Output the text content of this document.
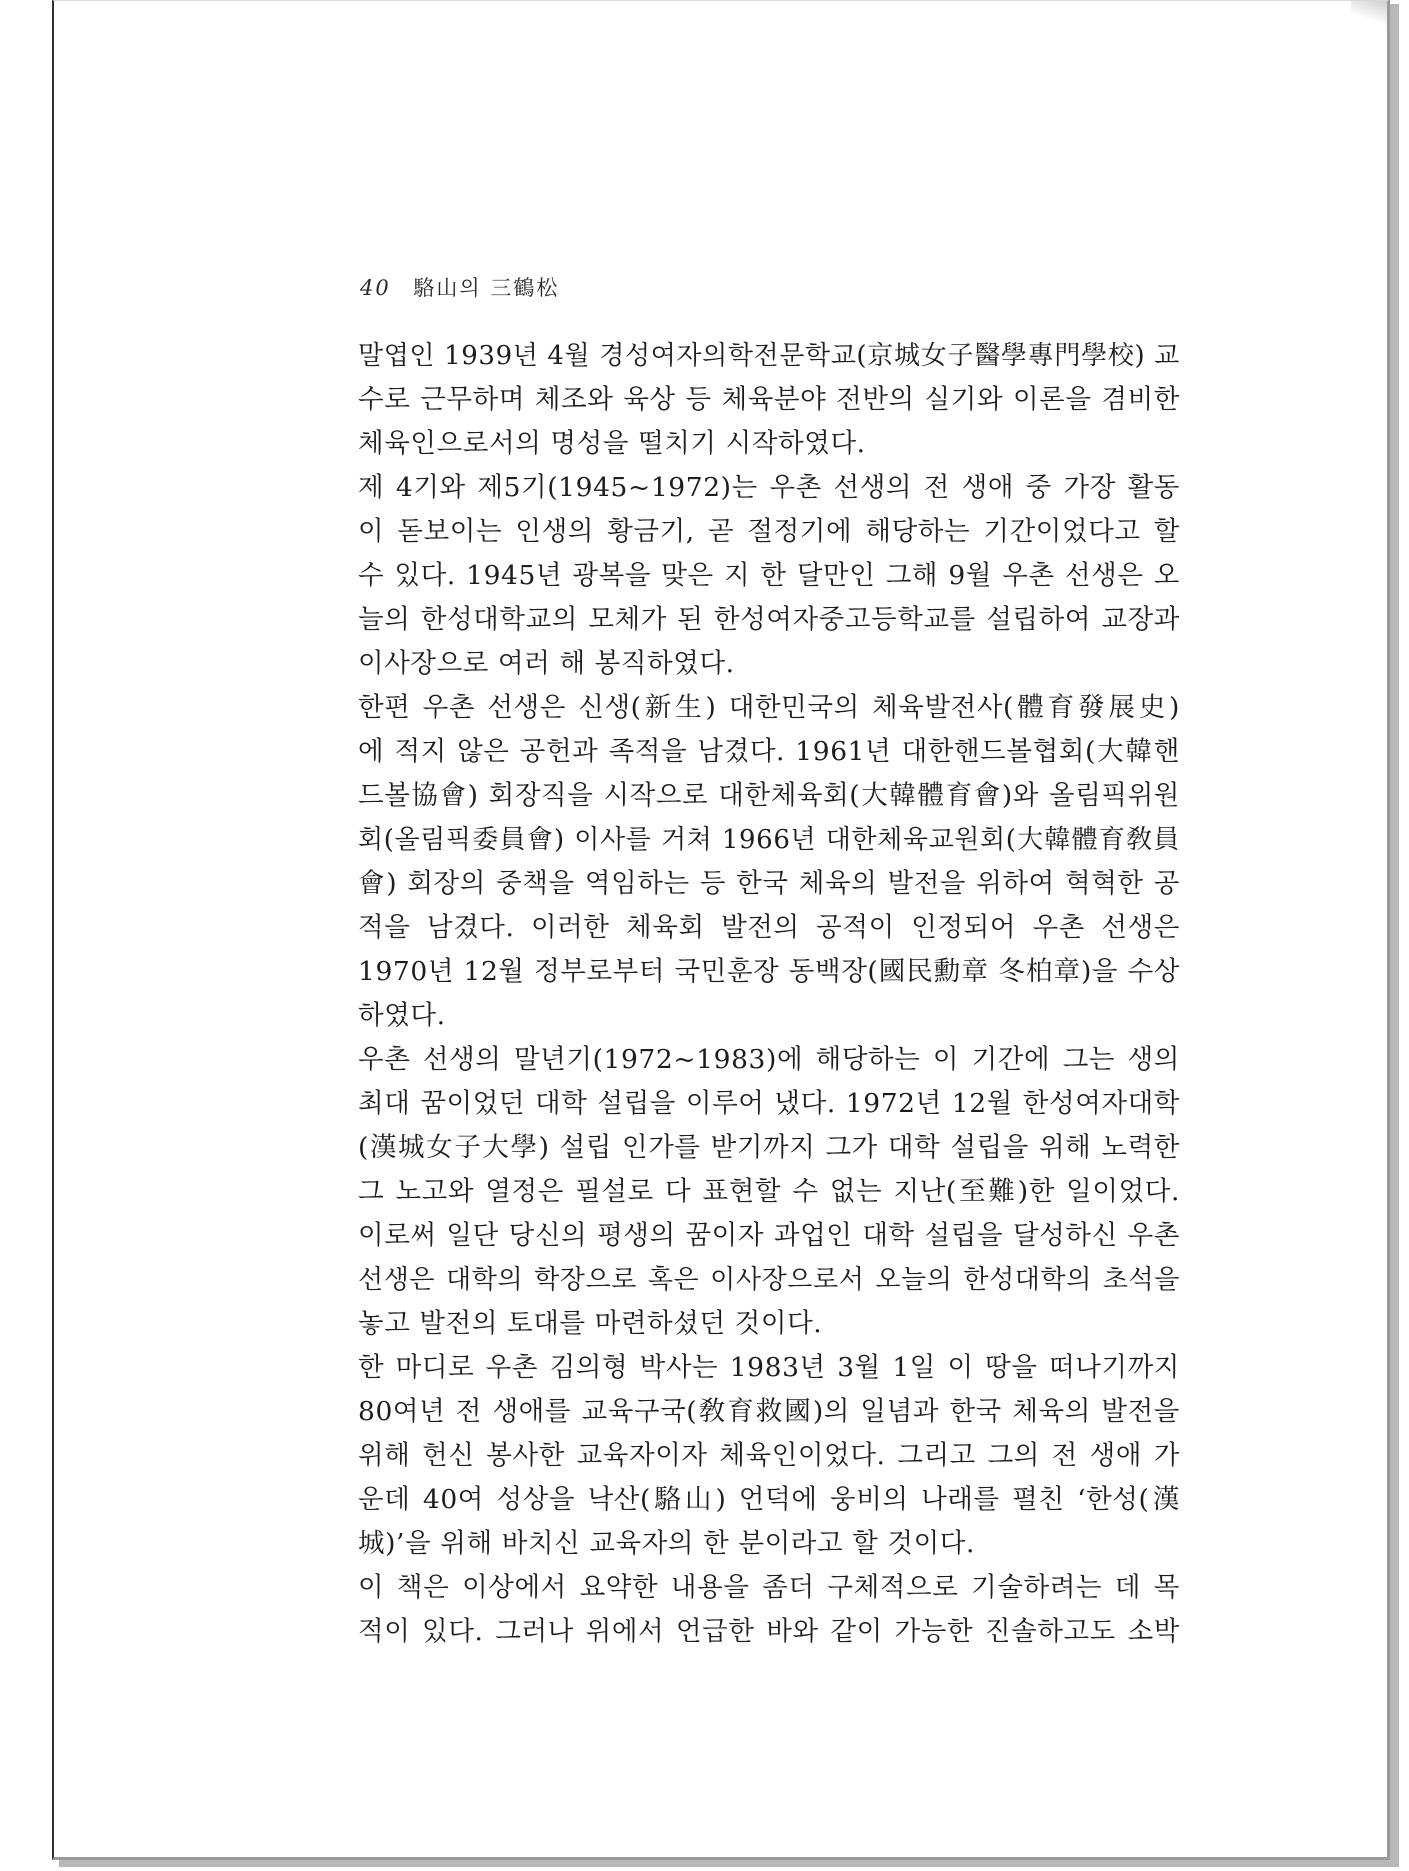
40 駱山의 三鶴松
말엽인 1939년 4월 경성여자의학전문학교(京城女子醫學專門學校) 교
수로 근무하며 체조와 육상 등 체육분야 전반의 실기와 이론을 겸비한
체육인으로서의 명성을 떨치기 시작하였다.
제 4기와 제5기(1945~1972)는 우촌 선생의 전 생애 중 가장 활동
이 돋보이는 인생의 황금기, 곧 절정기에 해당하는 기간이었다고 할
수 있다. 1945년 광복을 맞은 지 한 달만인 그해 9월 우촌 선생은 오
늘의 한성대학교의 모체가 된 한성여자중고등학교를 설립하여 교장과
이사장으로 여러 해 봉직하였다.
한편 우촌 선생은 신생(新生) 대한민국의 체육발전사(體育發展史)
에 적지 않은 공헌과 족적을 남겼다. 1961년 대한핸드볼협회(大韓핸
드볼協會) 회장직을 시작으로 대한체육회(大韓體育會)와 올림픽위원
회(올림픽委員會) 이사를 거쳐 1966년 대한체육교원회(大韓體育敎員
會) 회장의 중책을 역임하는 등 한국 체육의 발전을 위하여 혁혁한 공
적을 남겼다. 이러한 체육회 발전의 공적이 인정되어 우촌 선생은
1970년 12월 정부로부터 국민훈장 동백장(國民勳章 冬柏章)을 수상
하였다.
우촌 선생의 말년기(1972~1983)에 해당하는 이 기간에 그는 생의
최대 꿈이었던 대학 설립을 이루어 냈다. 1972년 12월 한성여자대학
(漢城女子大學) 설립 인가를 받기까지 그가 대학 설립을 위해 노력한
그 노고와 열정은 필설로 다 표현할 수 없는 지난(至難)한 일이었다.
이로써 일단 당신의 평생의 꿈이자 과업인 대학 설립을 달성하신 우촌
선생은 대학의 학장으로 혹은 이사장으로서 오늘의 한성대학의 초석을
놓고 발전의 토대를 마련하셨던 것이다.
한 마디로 우촌 김의형 박사는 1983년 3월 1일 이 땅을 떠나기까지
80여년 전 생애를 교육구국(敎育救國)의 일념과 한국 체육의 발전을
위해 헌신 봉사한 교육자이자 체육인이었다. 그리고 그의 전 생애 가
운데 40여 성상을 낙산(駱山) 언덕에 웅비의 나래를 펼친 ‘한성(漢
城)’을 위해 바치신 교육자의 한 분이라고 할 것이다.
이 책은 이상에서 요약한 내용을 좀더 구체적으로 기술하려는 데 목
적이 있다. 그러나 위에서 언급한 바와 같이 가능한 진솔하고도 소박
